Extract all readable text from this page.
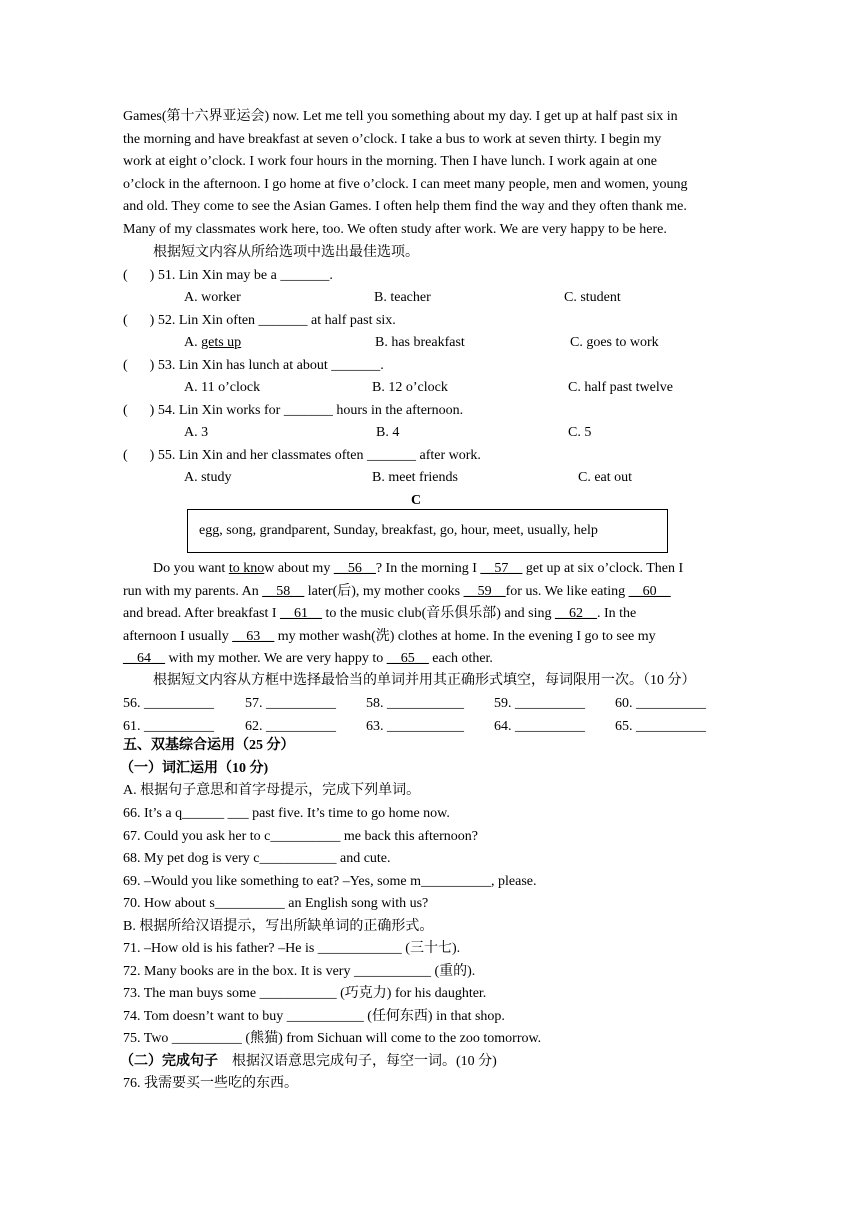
Games(第十六界亚运会) now. Let me tell you something about my day. I get up at half past six in
the morning and have breakfast at seven o’clock. I take a bus to work at seven thirty. I begin my
work at eight o’clock. I work four hours in the morning. Then I have lunch. I work again at one
o’clock in the afternoon. I go home at five o’clock. I can meet many people, men and women, young
and old. They come to see the Asian Games. I often help them find the way and they often thank me.
Many of my classmates work here, too. We often study after work. We are very happy to be here.
根据短文内容从所给选项中选出最佳选项。
( ) 51. Lin Xin may be a _______.
A. worker	B. teacher	C. student
( ) 52. Lin Xin often _______ at half past six.
A. gets up	B. has breakfast	C. goes to work
( ) 53. Lin Xin has lunch at about _______.
A. 11 o’clock	B. 12 o’clock	C. half past twelve
( ) 54. Lin Xin works for _______ hours in the afternoon.
A. 3	B. 4	C. 5
( ) 55. Lin Xin and her classmates often _______ after work.
A. study	B. meet friends	C. eat out
C
egg, song, grandparent, Sunday, breakfast, go, hour, meet, usually, help
Do you want to know about my __56__? In the morning I __57__ get up at six o’clock. Then I
run with my parents. An __58__ later(后), my mother cooks __59__for us. We like eating __60__
and bread. After breakfast I __61__ to the music club(音乐俱乐部) and sing __62__. In the
afternoon I usually __63__ my mother wash(洗) clothes at home. In the evening I go to see my
__64__ with my mother. We are very happy to __65__ each other.
根据短文内容从方框中选择最恰当的单词并用其正确形式填空，每词限用一次。（10 分）
56. __________ 57. __________ 58. ___________ 59. __________ 60. __________
61. __________ 62. __________ 63. ___________ 64. __________ 65. __________
五、双基综合运用（25 分）
（一）词汇运用（10 分)
A. 根据句子意思和首字母提示，完成下列单词。
66. It’s a q______ ___ past five. It’s time to go home now.
67. Could you ask her to c__________ me back this afternoon?
68. My pet dog is very c___________ and cute.
69. –Would you like something to eat? –Yes, some m__________, please.
70. How about s__________ an English song with us?
B. 根据所给汉语提示，写出所缺单词的正确形式。
71. –How old is his father? –He is ____________ (三十七).
72. Many books are in the box. It is very ___________ (重的).
73. The man buys some ___________ (巧克力) for his daughter.
74. Tom doesn’t want to buy ___________ (任何东西) in that shop.
75. Two __________ (熊猫) from Sichuan will come to the zoo tomorrow.
（二）完成句子 根据汉语意思完成句子，每空一词。(10 分)
76. 我需要买一些吃的东西。
